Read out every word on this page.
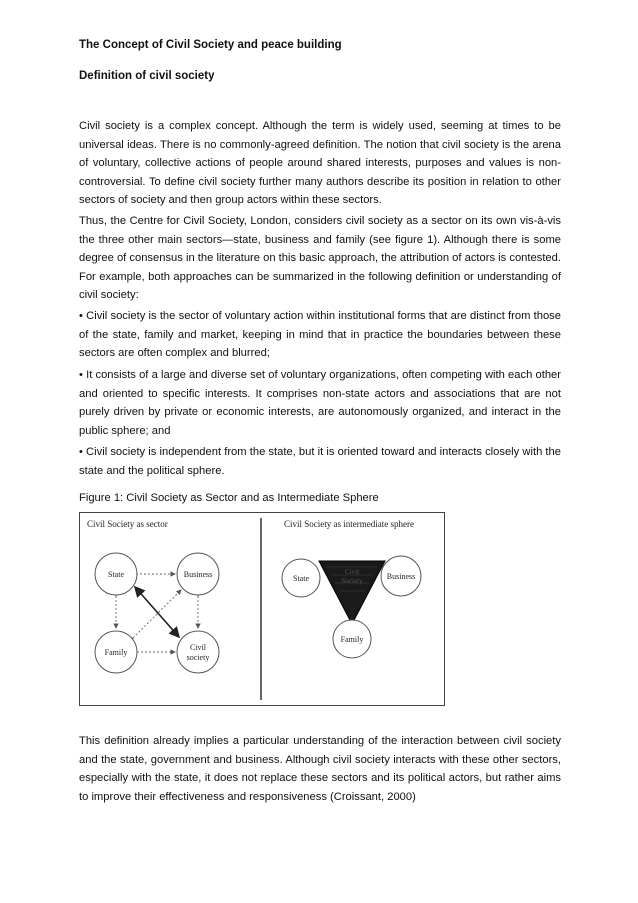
The Concept of Civil Society and peace building
Definition of civil society

Civil society is a complex concept. Although the term is widely used, seeming at times to be universal ideas. There is no commonly-agreed definition. The notion that civil society is the arena of voluntary, collective actions of people around shared interests, purposes and values is non-controversial. To define civil society further many authors describe its position in relation to other sectors of society and then group actors within these sectors.

Thus, the Centre for Civil Society, London, considers civil society as a sector on its own vis-à-vis the three other main sectors—state, business and family (see figure 1). Although there is some degree of consensus in the literature on this basic approach, the attribution of actors is contested. For example, both approaches can be summarized in the following definition or understanding of civil society:

• Civil society is the sector of voluntary action within institutional forms that are distinct from those of the state, family and market, keeping in mind that in practice the boundaries between these sectors are often complex and blurred;

• It consists of a large and diverse set of voluntary organizations, often competing with each other and oriented to specific interests. It comprises non-state actors and associations that are not purely driven by private or economic interests, are autonomously organized, and interact in the public sphere; and

• Civil society is independent from the state, but it is oriented toward and interacts closely with the state and the political sphere.

Figure 1: Civil Society as Sector and as Intermediate Sphere
Civil Society as sector
State	Business
Family
Civil
society
Civil Society as intermediate sphere
Civil
Society
State	Business
Family

This definition already implies a particular understanding of the interaction between civil society and the state, government and business. Although civil society interacts with these other sectors, especially with the state, it does not replace these sectors and its political actors, but rather aims to improve their effectiveness and responsiveness (Croissant, 2000)
